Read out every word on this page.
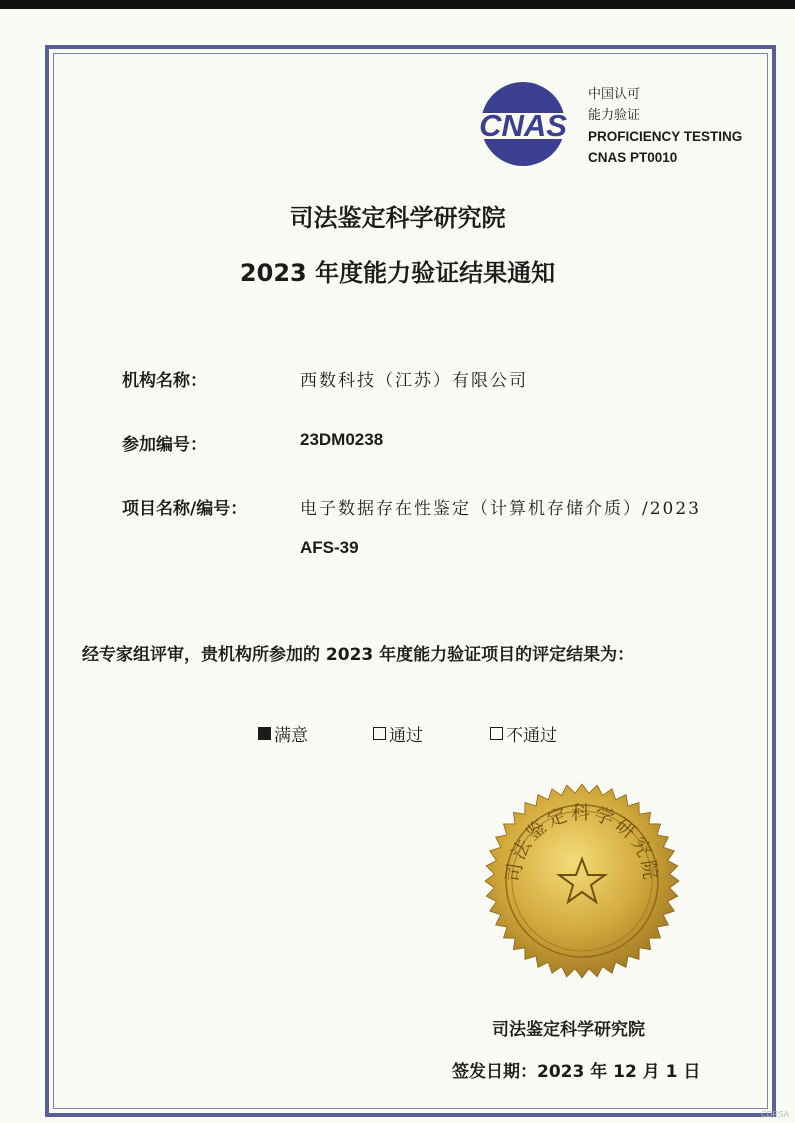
CNAS
中国认可
能力验证
PROFICIENCY TESTING
CNAS PT0010
司法鉴定科学研究院
2023 年度能力验证结果通知
机构名称：	西数科技（江苏）有限公司
参加编号：	23DM0238
项目名称/编号：	电子数据存在性鉴定（计算机存储介质）/2023
AFS-39
经专家组评审，贵机构所参加的 2023 年度能力验证项目的评定结果为：
满意	通过	不通过
司法鉴定科学研究院
司法鉴定科学研究院
签发日期：2023 年 12 月 1 日
CDRSA
